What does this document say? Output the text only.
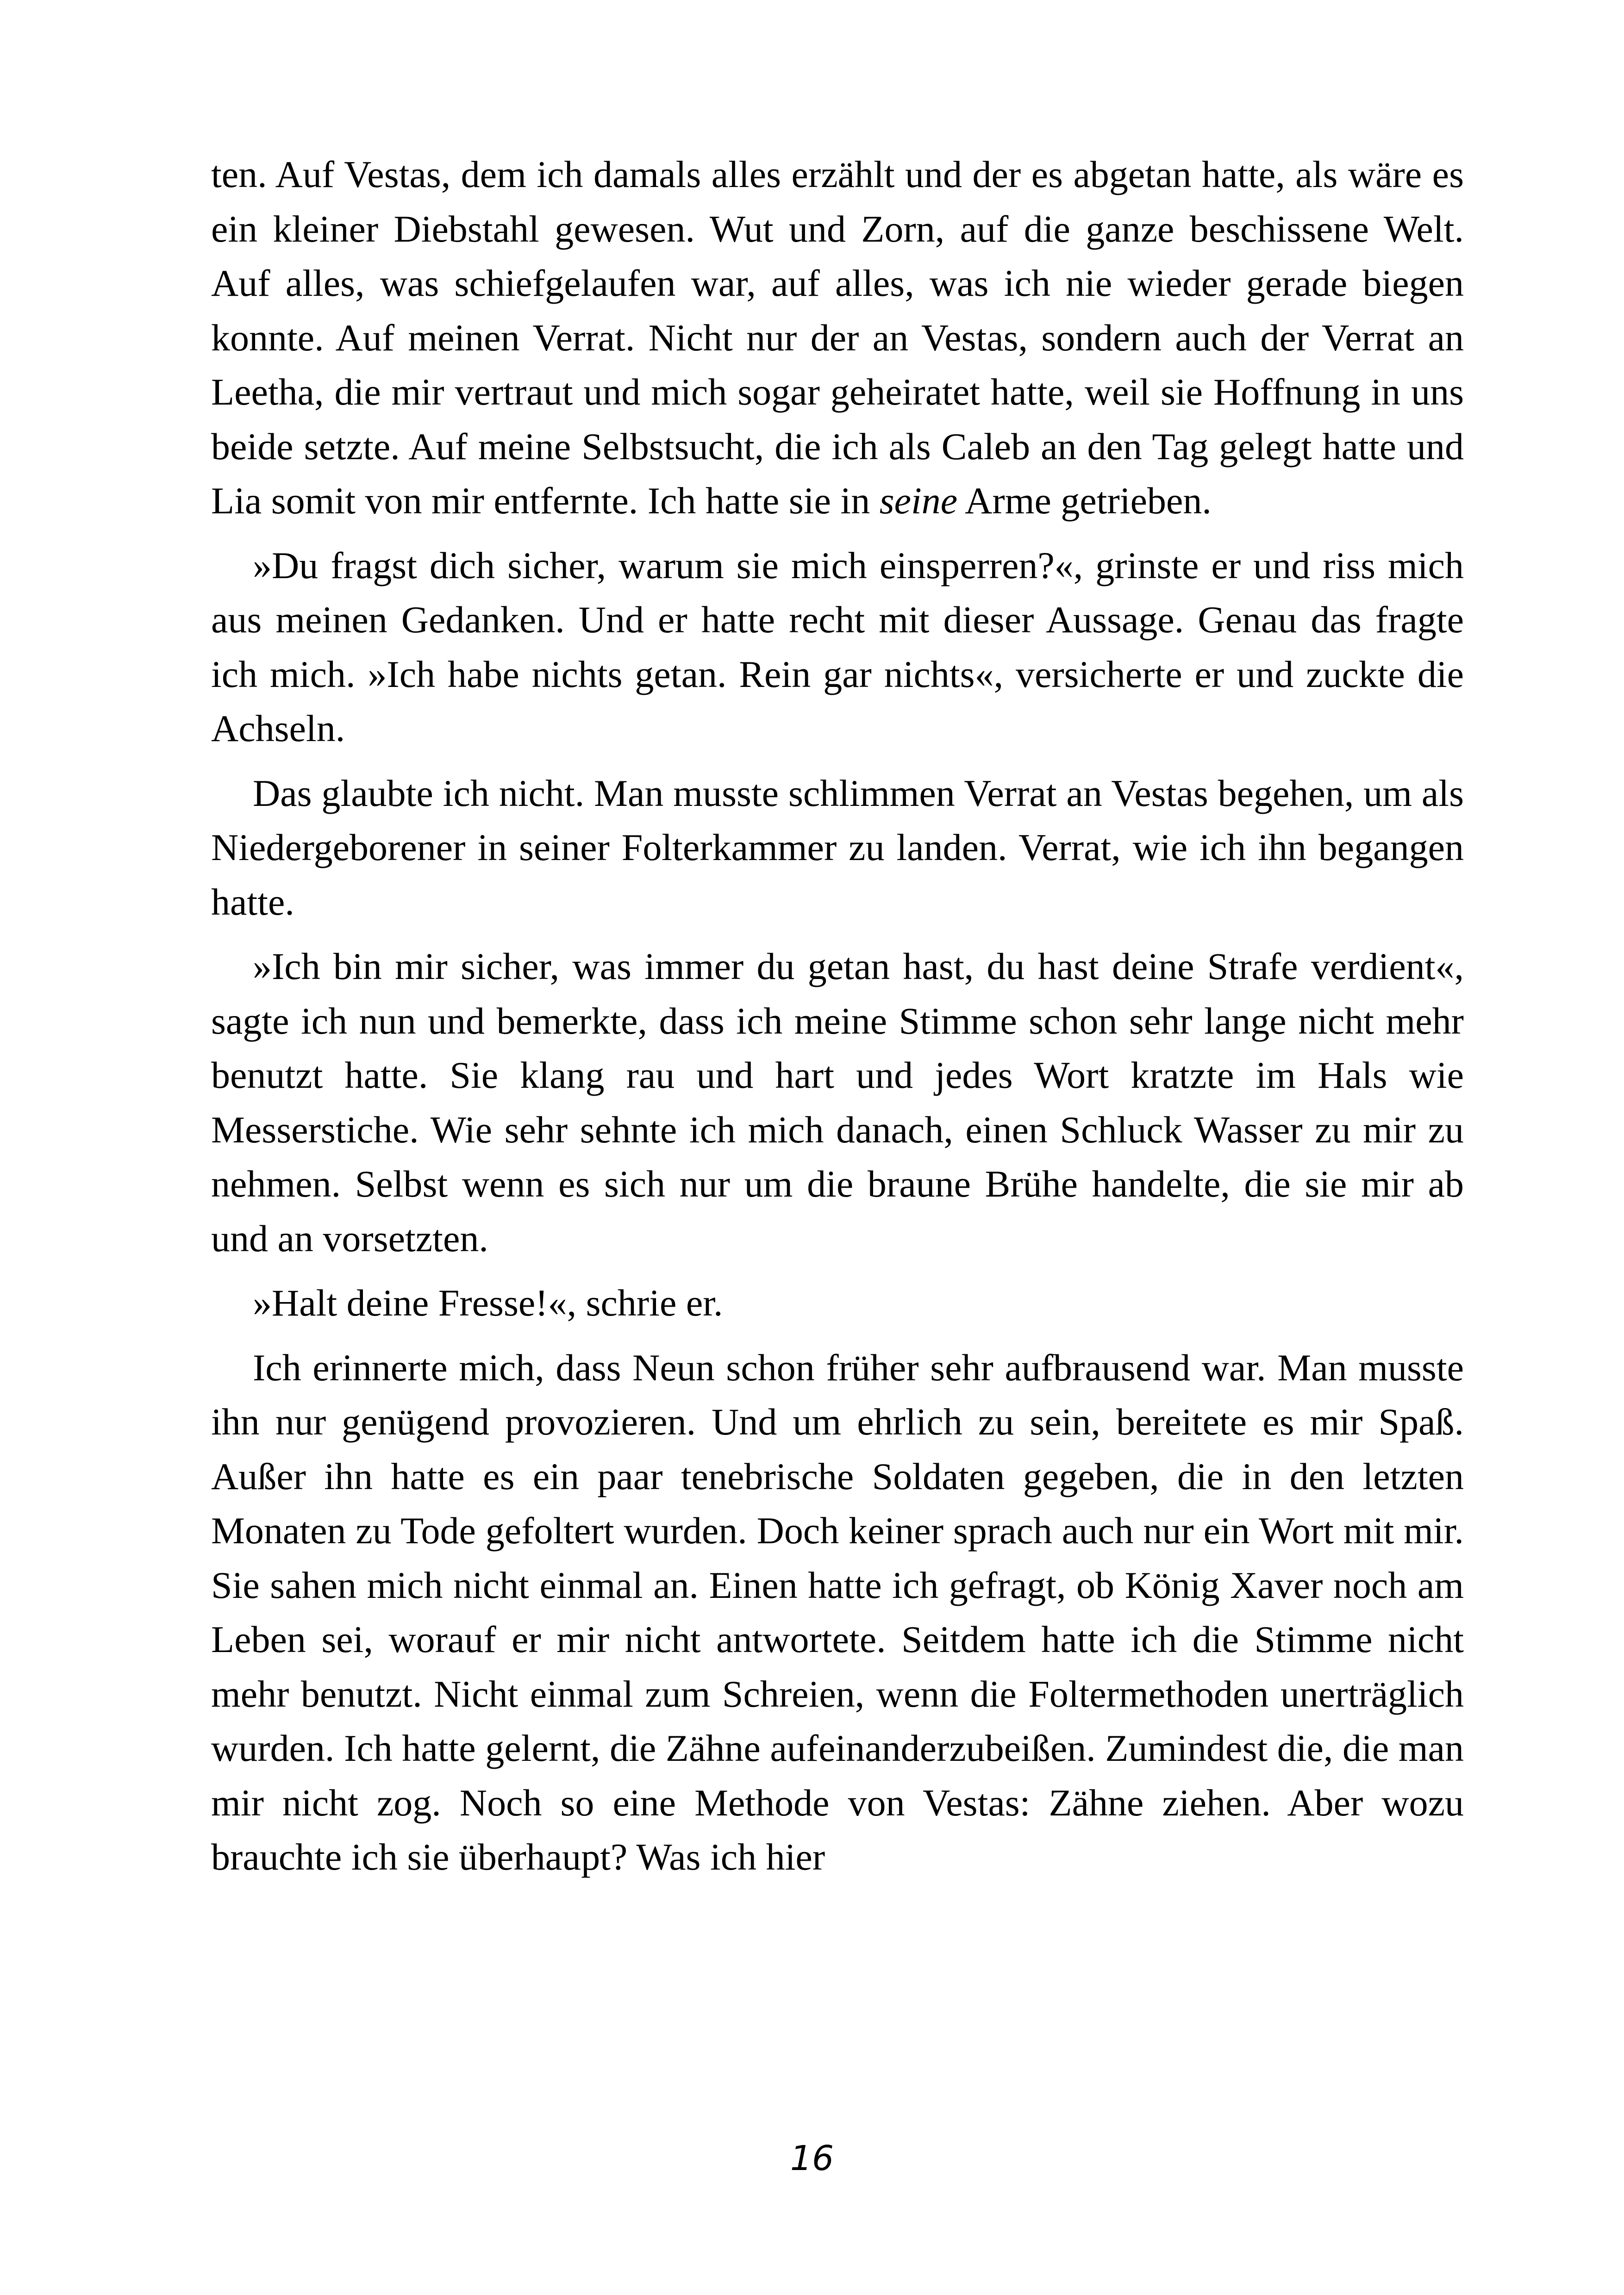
ten. Auf Vestas, dem ich damals alles erzählt und der es abgetan hatte, als wäre es ein kleiner Diebstahl gewesen. Wut und Zorn, auf die ganze beschissene Welt. Auf alles, was schiefgelaufen war, auf alles, was ich nie wieder gerade biegen konnte. Auf meinen Verrat. Nicht nur der an Vestas, sondern auch der Verrat an Leetha, die mir vertraut und mich sogar geheiratet hatte, weil sie Hoffnung in uns beide setzte. Auf meine Selbstsucht, die ich als Caleb an den Tag gelegt hatte und Lia somit von mir entfernte. Ich hatte sie in seine Arme getrieben.

»Du fragst dich sicher, warum sie mich einsperren?«, grinste er und riss mich aus meinen Gedanken. Und er hatte recht mit dieser Aussage. Genau das fragte ich mich. »Ich habe nichts getan. Rein gar nichts«, versicherte er und zuckte die Achseln.

Das glaubte ich nicht. Man musste schlimmen Verrat an Vestas begehen, um als Niedergeborener in seiner Folterkammer zu landen. Verrat, wie ich ihn begangen hatte.

»Ich bin mir sicher, was immer du getan hast, du hast deine Strafe verdient«, sagte ich nun und bemerkte, dass ich meine Stimme schon sehr lange nicht mehr benutzt hatte. Sie klang rau und hart und jedes Wort kratzte im Hals wie Messerstiche. Wie sehr sehnte ich mich danach, einen Schluck Wasser zu mir zu nehmen. Selbst wenn es sich nur um die braune Brühe handelte, die sie mir ab und an vorsetzten.

»Halt deine Fresse!«, schrie er.

Ich erinnerte mich, dass Neun schon früher sehr aufbrausend war. Man musste ihn nur genügend provozieren. Und um ehrlich zu sein, bereitete es mir Spaß. Außer ihn hatte es ein paar tenebrische Soldaten gegeben, die in den letzten Monaten zu Tode gefoltert wurden. Doch keiner sprach auch nur ein Wort mit mir. Sie sahen mich nicht einmal an. Einen hatte ich gefragt, ob König Xaver noch am Leben sei, worauf er mir nicht antwortete. Seitdem hatte ich die Stimme nicht mehr benutzt. Nicht einmal zum Schreien, wenn die Foltermethoden unerträglich wurden. Ich hatte gelernt, die Zähne aufeinanderzubeißen. Zumindest die, die man mir nicht zog. Noch so eine Methode von Vestas: Zähne ziehen. Aber wozu brauchte ich sie überhaupt? Was ich hier

16
